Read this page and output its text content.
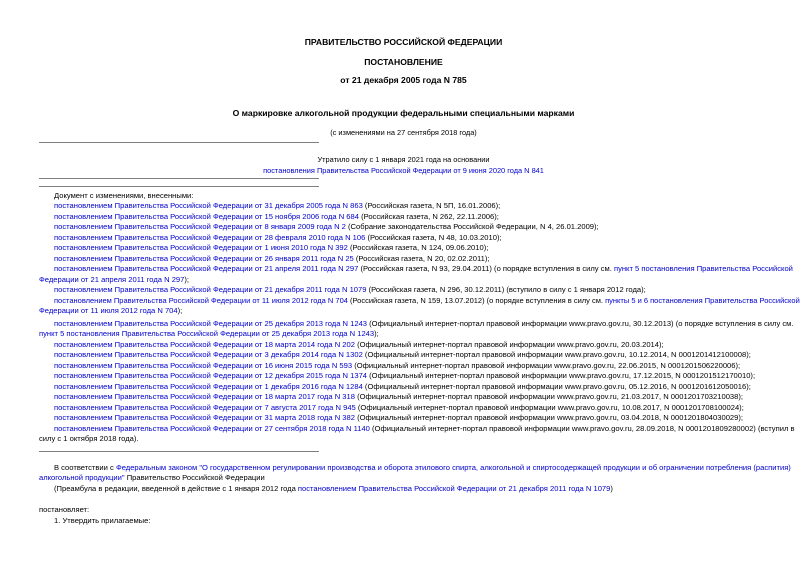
ПРАВИТЕЛЬСТВО РОССИЙСКОЙ ФЕДЕРАЦИИ
ПОСТАНОВЛЕНИЕ
от 21 декабря 2005 года N 785
О маркировке алкогольной продукции федеральными специальными марками
(с изменениями на 27 сентября 2018 года)
Утратило силу с 1 января 2021 года на основании
постановления Правительства Российской Федерации от 9 июня 2020 года N 841
Документ с изменениями, внесенными:
постановлением Правительства Российской Федерации от 31 декабря 2005 года N 863 (Российская газета, N 5П, 16.01.2006);
постановлением Правительства Российской Федерации от 15 ноября 2006 года N 684 (Российская газета, N 262, 22.11.2006);
постановлением Правительства Российской Федерации от 8 января 2009 года N 2 (Собрание законодательства Российской Федерации, N 4, 26.01.2009);
постановлением Правительства Российской Федерации от 28 февраля 2010 года N 106 (Российская газета, N 48, 10.03.2010);
постановлением Правительства Российской Федерации от 1 июня 2010 года N 392 (Российская газета, N 124, 09.06.2010);
постановлением Правительства Российской Федерации от 26 января 2011 года N 25 (Российская газета, N 20, 02.02.2011);
постановлением Правительства Российской Федерации от 21 апреля 2011 года N 297 (Российская газета, N 93, 29.04.2011) (о порядке вступления в силу см. пункт 5 постановления Правительства Российской
Федерации от 21 апреля 2011 года N 297);
постановлением Правительства Российской Федерации от 21 декабря 2011 года N 1079 (Российская газета, N 296, 30.12.2011) (вступило в силу с 1 января 2012 года);
постановлением Правительства Российской Федерации от 11 июля 2012 года N 704 (Российская газета, N 159, 13.07.2012) (о порядке вступления в силу см. пункты 5 и 6 постановления Правительства Российской
Федерации от 11 июля 2012 года N 704);
постановлением Правительства Российской Федерации от 25 декабря 2013 года N 1243 (Официальный интернет-портал правовой информации www.pravo.gov.ru, 30.12.2013) (о порядке вступления в силу см.
пункт 5 постановления Правительства Российской Федерации от 25 декабря 2013 года N 1243);
постановлением Правительства Российской Федерации от 18 марта 2014 года N 202 (Официальный интернет-портал правовой информации www.pravo.gov.ru, 20.03.2014);
постановлением Правительства Российской Федерации от 3 декабря 2014 года N 1302 (Официальный интернет-портал правовой информации www.pravo.gov.ru, 10.12.2014, N 0001201412100008);
постановлением Правительства Российской Федерации от 16 июня 2015 года N 593 (Официальный интернет-портал правовой информации www.pravo.gov.ru, 22.06.2015, N 0001201506220006);
постановлением Правительства Российской Федерации от 12 декабря 2015 года N 1374 (Официальный интернет-портал правовой информации www.pravo.gov.ru, 17.12.2015, N 0001201512170010);
постановлением Правительства Российской Федерации от 1 декабря 2016 года N 1284 (Официальный интернет-портал правовой информации www.pravo.gov.ru, 05.12.2016, N 0001201612050016);
постановлением Правительства Российской Федерации от 18 марта 2017 года N 318 (Официальный интернет-портал правовой информации www.pravo.gov.ru, 21.03.2017, N 0001201703210038);
постановлением Правительства Российской Федерации от 7 августа 2017 года N 945 (Официальный интернет-портал правовой информации www.pravo.gov.ru, 10.08.2017, N 0001201708100024);
постановлением Правительства Российской Федерации от 31 марта 2018 года N 382 (Официальный интернет-портал правовой информации www.pravo.gov.ru, 03.04.2018, N 0001201804030029);
постановлением Правительства Российской Федерации от 27 сентября 2018 года N 1140 (Официальный интернет-портал правовой информации www.pravo.gov.ru, 28.09.2018, N 0001201809280002) (вступил в
силу с 1 октября 2018 года).
В соответствии с Федеральным законом "О государственном регулировании производства и оборота этилового спирта, алкогольной и спиртосодержащей продукции и об ограничении потребления (распития)
алкогольной продукции" Правительство Российской Федерации
(Преамбула в редакции, введенной в действие с 1 января 2012 года постановлением Правительства Российской Федерации от 21 декабря 2011 года N 1079)
постановляет:
1. Утвердить прилагаемые:
